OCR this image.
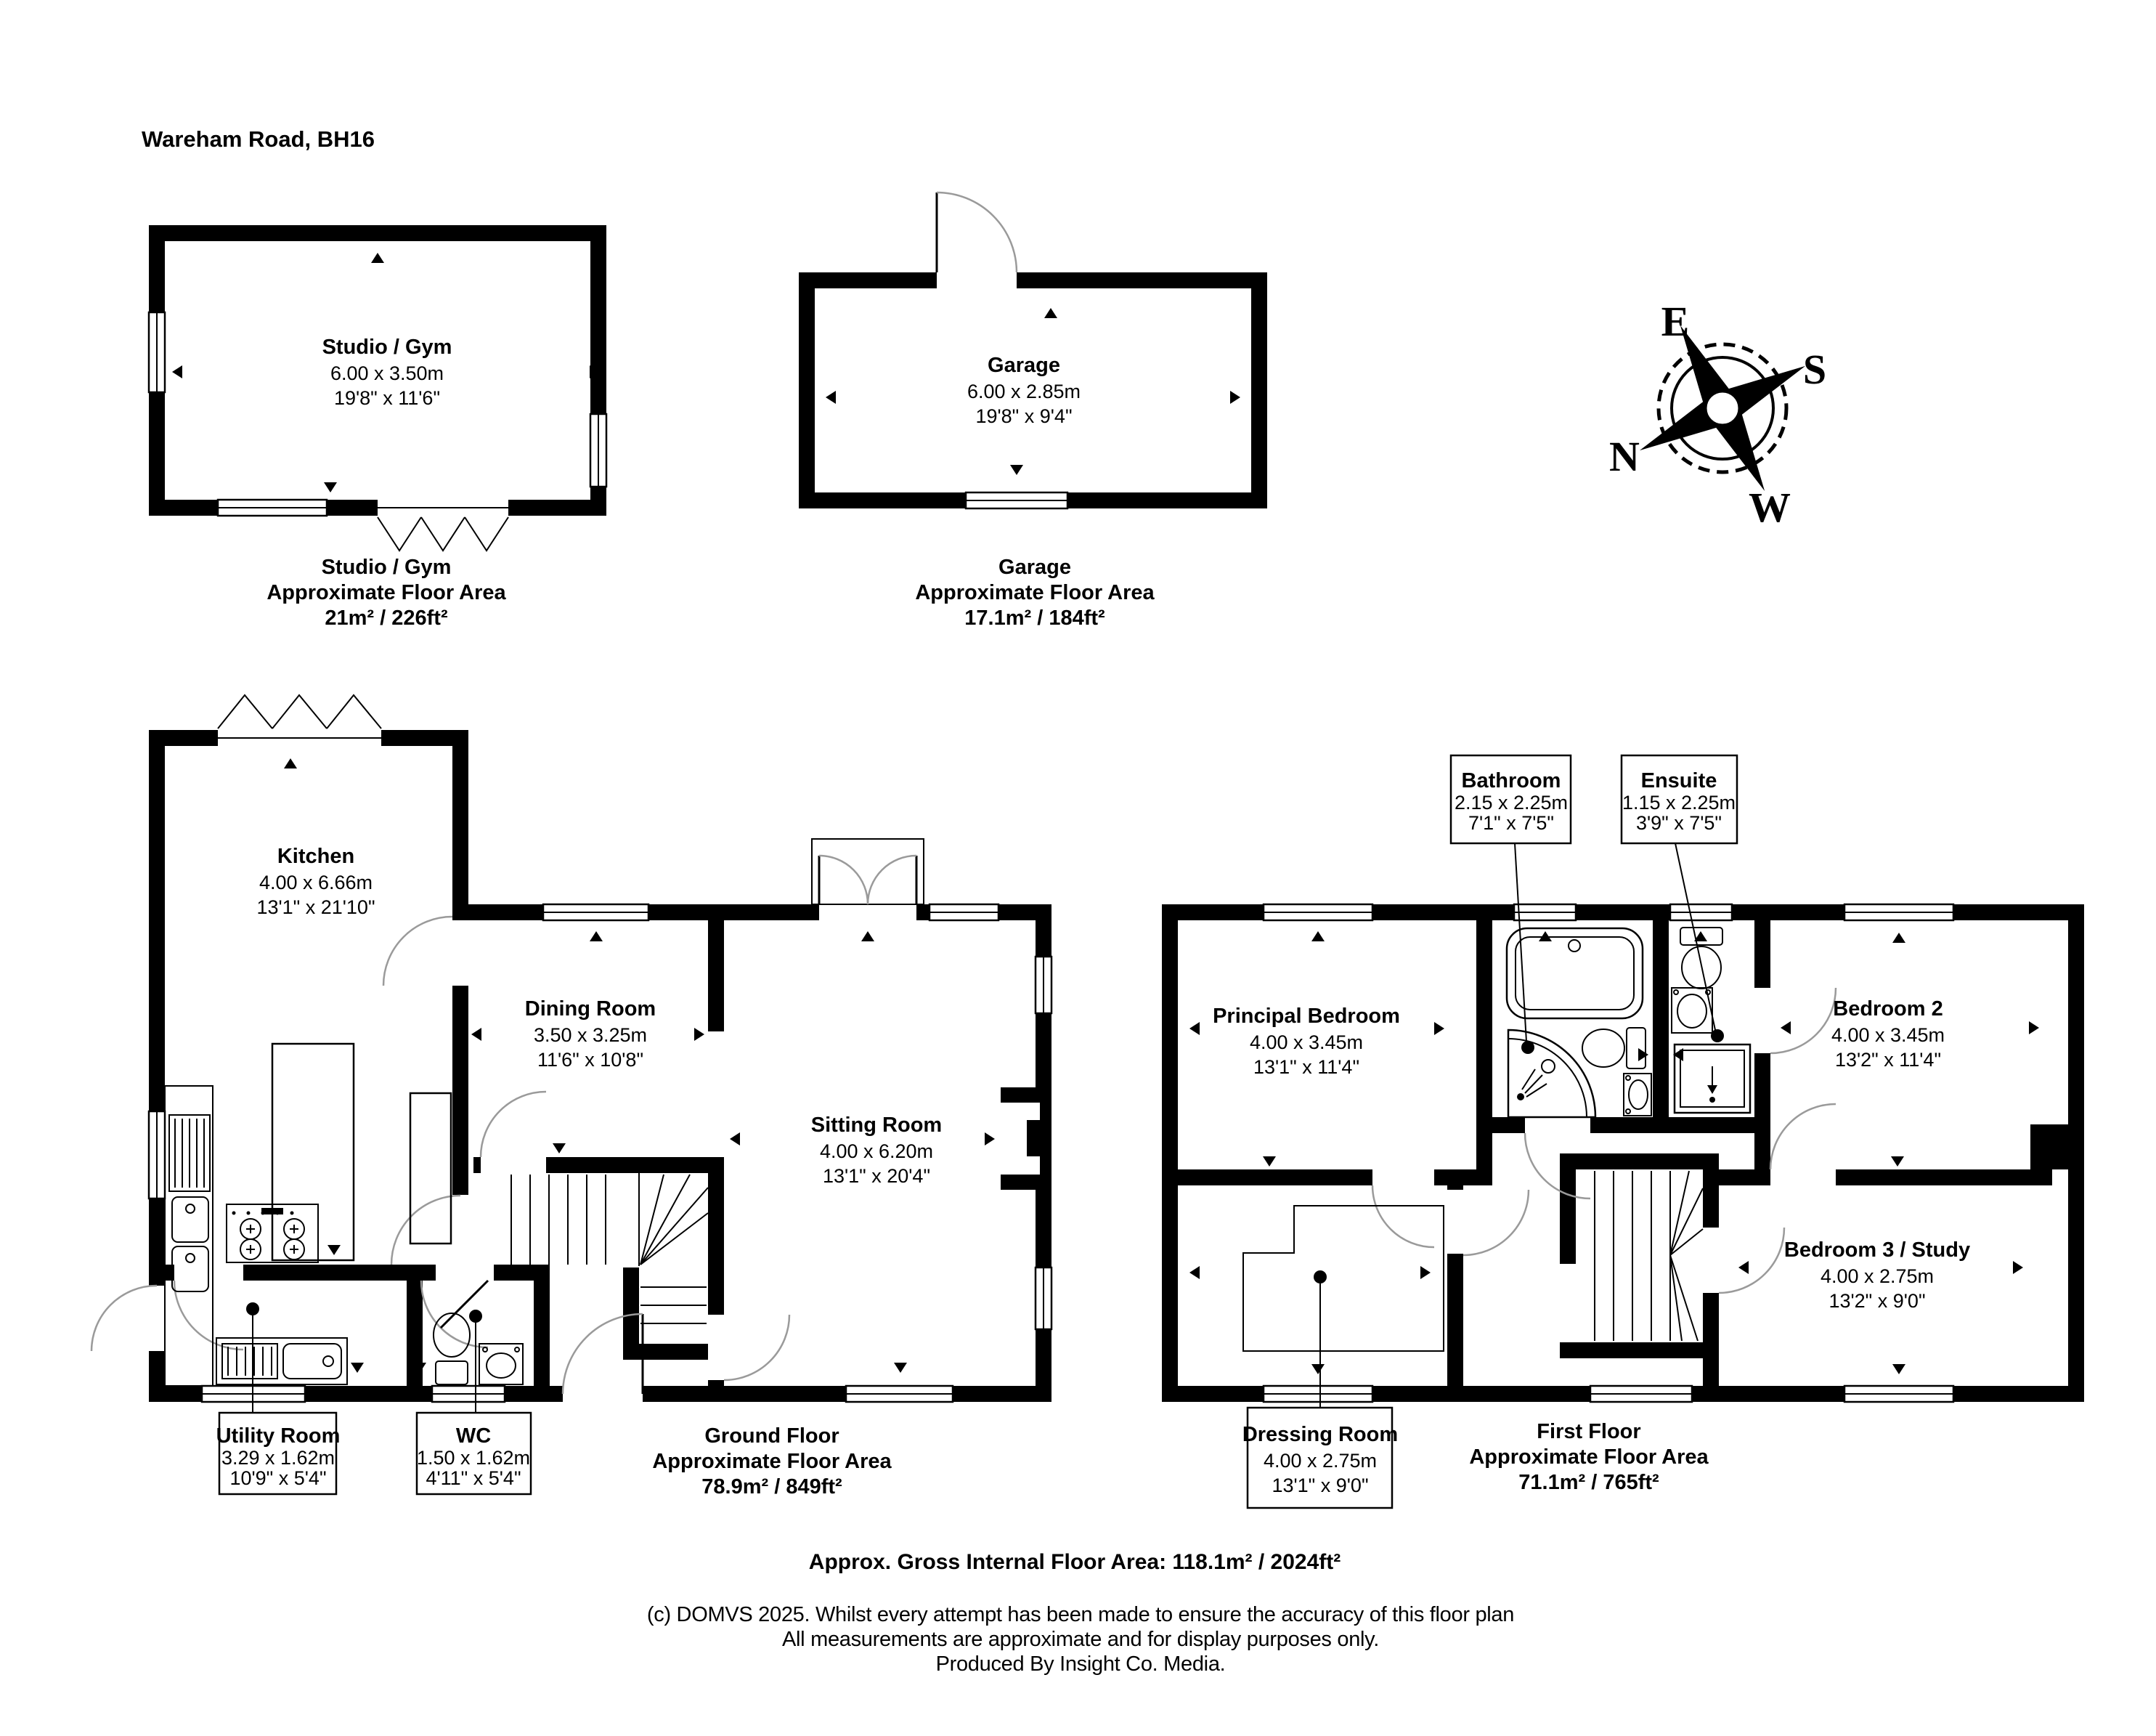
Wareham Road, BH16
Studio / Gym
6.00 x 3.50m
19'8" x 11'6"
Studio / Gym
Approximate Floor Area
21m² / 226ft²
Garage
6.00 x 2.85m
19'8" x 9'4"
Garage
Approximate Floor Area
17.1m² / 184ft²
E
S
N
W
Kitchen
4.00 x 6.66m
13'1" x 21'10"
Dining Room
3.50 x 3.25m
11'6" x 10'8"
Sitting Room
4.00 x 6.20m
13'1" x 20'4"
Utility Room
3.29 x 1.62m
10'9" x 5'4"
WC
1.50 x 1.62m
4'11" x 5'4"
Ground Floor
Approximate Floor Area
78.9m² / 849ft²
Principal Bedroom
4.00 x 3.45m
13'1" x 11'4"
Bedroom 2
4.00 x 3.45m
13'2" x 11'4"
Bedroom 3 / Study
4.00 x 2.75m
13'2" x 9'0"
Bathroom
2.15 x 2.25m
7'1" x 7'5"
Ensuite
1.15 x 2.25m
3'9" x 7'5"
Dressing Room
4.00 x 2.75m
13'1" x 9'0"
First Floor
Approximate Floor Area
71.1m² / 765ft²
Approx. Gross Internal Floor Area: 118.1m² / 2024ft²
(c) DOMVS 2025. Whilst every attempt has been made to ensure the accuracy of this floor plan
All measurements are approximate and for display purposes only.
Produced By Insight Co. Media.
